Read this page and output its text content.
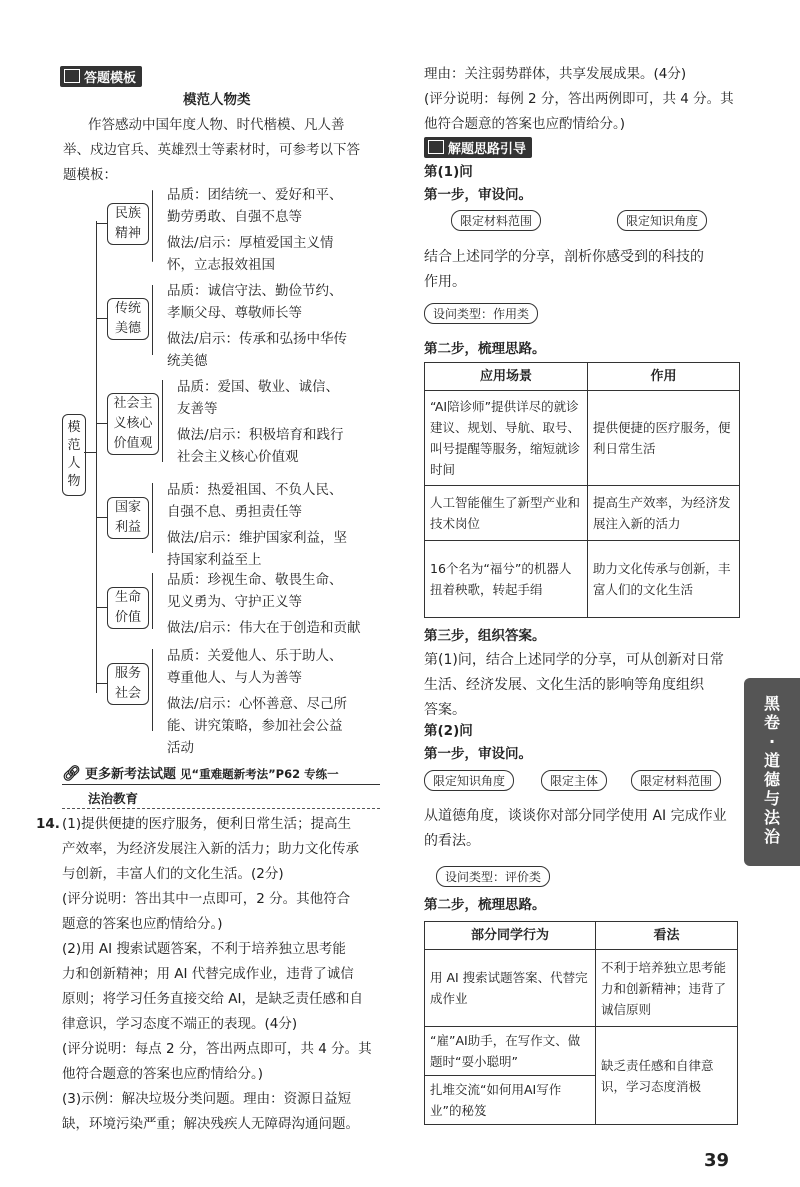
答题模板
模范人物类
作答感动中国年度人物、时代楷模、凡人善
举、戍边官兵、英雄烈士等素材时，可参考以下答
题模板：
模范人物
民族
精神
传统
美德
社会主
义核心
价值观
国家
利益
生命
价值
服务
社会
品质：团结统一、爱好和平、
勤劳勇敢、自强不息等
做法/启示：厚植爱国主义情
怀，立志报效祖国
品质：诚信守法、勤俭节约、
孝顺父母、尊敬师长等
做法/启示：传承和弘扬中华传
统美德
品质：爱国、敬业、诚信、
友善等
做法/启示：积极培育和践行
社会主义核心价值观
品质：热爱祖国、不负人民、
自强不息、勇担责任等
做法/启示：维护国家利益，坚
持国家利益至上
品质：珍视生命、敬畏生命、
见义勇为、守护正义等
做法/启示：伟大在于创造和贡献
品质：关爱他人、乐于助人、
尊重他人、与人为善等
做法/启示：心怀善意、尽己所
能、讲究策略，参加社会公益
活动
🔗︎ 更多新考法试题 见“重难题新考法”P62 专练一
法治教育
14. (1)提供便捷的医疗服务，便利日常生活；提高生
产效率，为经济发展注入新的活力；助力文化传承
与创新，丰富人们的文化生活。(2分)
(评分说明：答出其中一点即可，2 分。其他符合
题意的答案也应酌情给分。)
(2)用 AI 搜索试题答案，不利于培养独立思考能
力和创新精神；用 AI 代替完成作业，违背了诚信
原则；将学习任务直接交给 AI，是缺乏责任感和自
律意识，学习态度不端正的表现。(4分)
(评分说明：每点 2 分，答出两点即可，共 4 分。其
他符合题意的答案也应酌情给分。)
(3)示例：解决垃圾分类问题。理由：资源日益短
缺，环境污染严重；解决残疾人无障碍沟通问题。
理由：关注弱势群体，共享发展成果。(4分)
(评分说明：每例 2 分，答出两例即可，共 4 分。其
他符合题意的答案也应酌情给分。)
解题思路引导
第(1)问
第一步，审设问。
限定材料范围	限定知识角度
结合上述同学的分享，剖析你感受到的科技的
作用。
设问类型：作用类
第二步，梳理思路。
应用场景	作用
“AI陪诊师”提供详尽的就诊建议、规划、导航、取号、叫号提醒等服务，缩短就诊时间	提供便捷的医疗服务，便利日常生活
人工智能催生了新型产业和技术岗位	提高生产效率，为经济发展注入新的活力
16个名为“福兮”的机器人扭着秧歌，转起手绢	助力文化传承与创新，丰富人们的文化生活
第三步，组织答案。
第(1)问，结合上述同学的分享，可从创新对日常
生活、经济发展、文化生活的影响等角度组织
答案。
第(2)问
第一步，审设问。
限定知识角度	限定主体	限定材料范围
从道德角度，谈谈你对部分同学使用 AI 完成作业
的看法。
设问类型：评价类
第二步，梳理思路。
部分同学行为	看法
用 AI 搜索试题答案、代替完成作业	不利于培养独立思考能力和创新精神；违背了诚信原则
“雇”AI助手，在写作文、做题时“耍小聪明”	缺乏责任感和自律意识，学习态度消极
扎堆交流“如何用AI写作业”的秘笈	
黑卷·道德与法治
39
